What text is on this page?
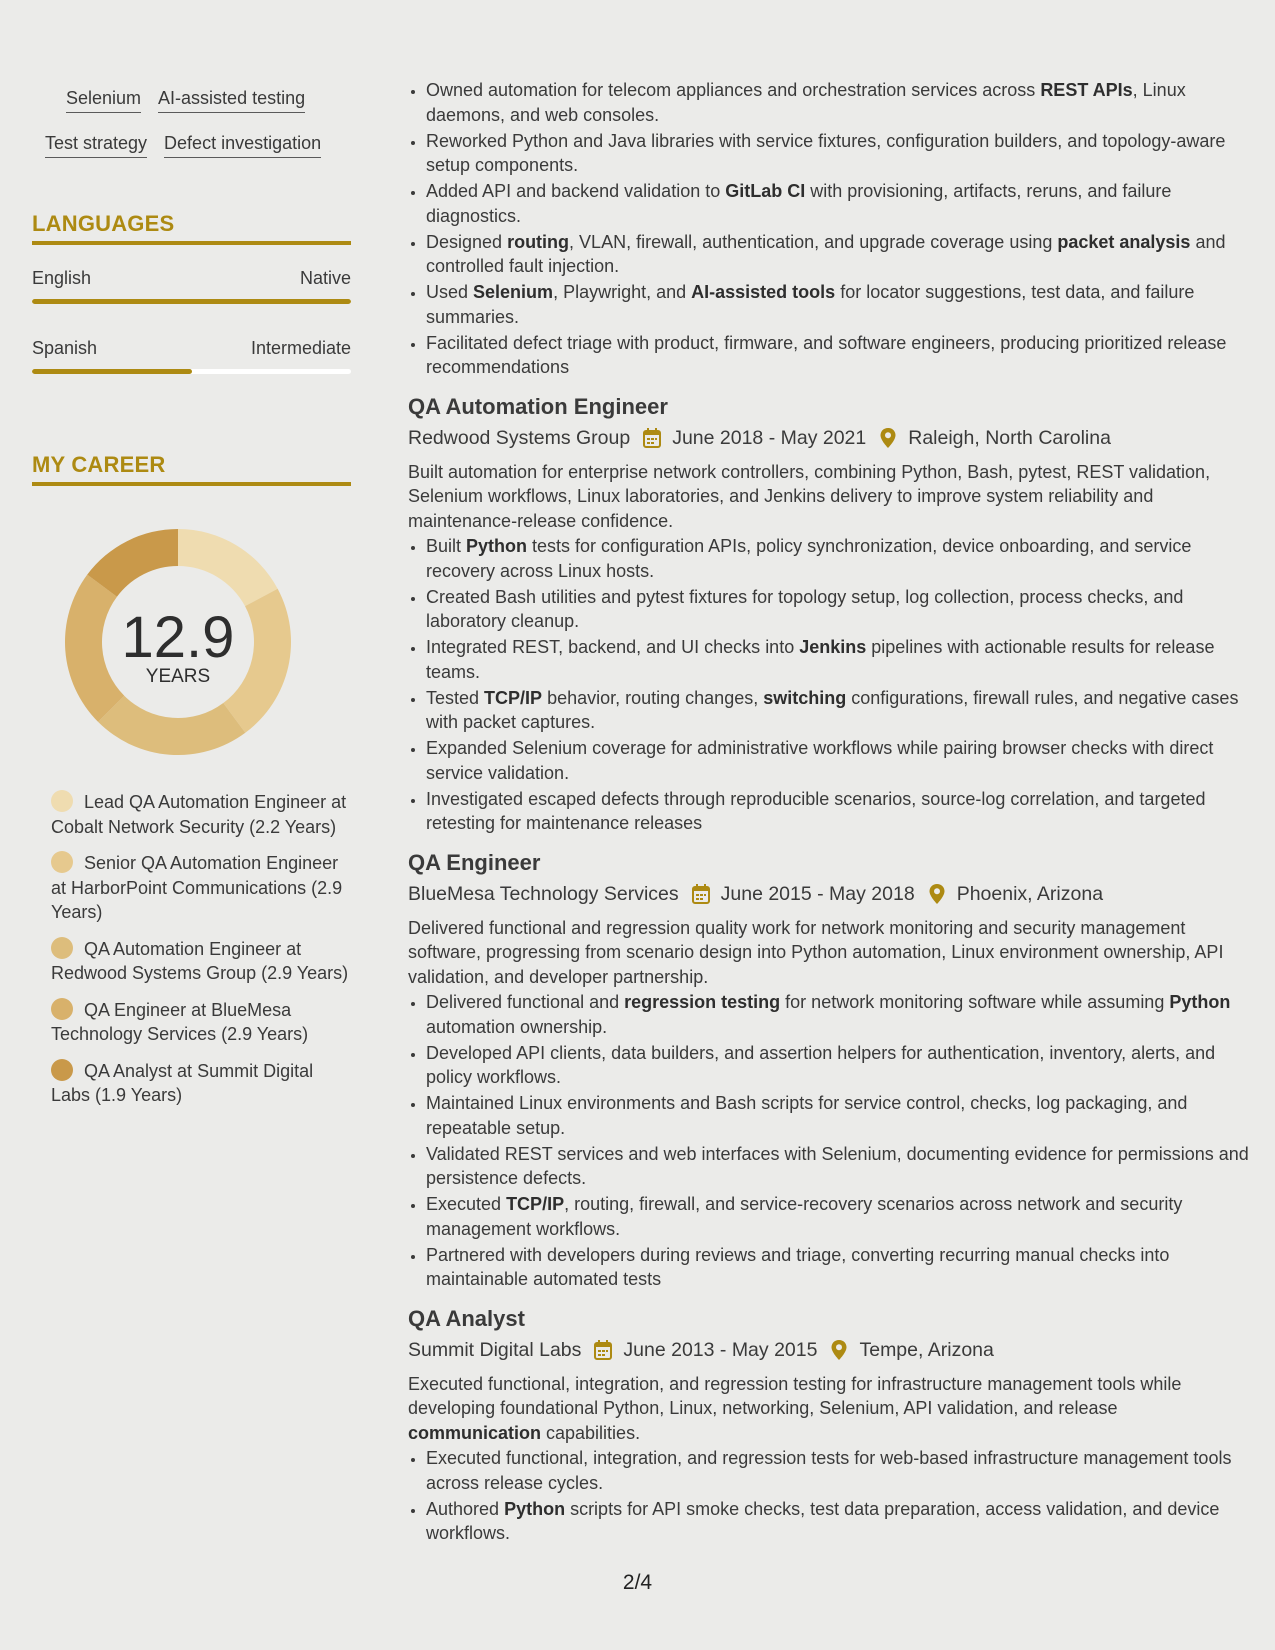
Selenium AI-assisted testing
Test strategy Defect investigation
LANGUAGES
English	Native
Spanish	Intermediate
MY CAREER
12.9
YEARS
Lead QA Automation Engineer at Cobalt Network Security (2.2 Years)
Senior QA Automation Engineer at HarborPoint Communications (2.9 Years)
QA Automation Engineer at Redwood Systems Group (2.9 Years)
QA Engineer at BlueMesa Technology Services (2.9 Years)
QA Analyst at Summit Digital Labs (1.9 Years)
• Owned automation for telecom appliances and orchestration services across REST APIs, Linux daemons, and web consoles.
• Reworked Python and Java libraries with service fixtures, configuration builders, and topology-aware setup components.
• Added API and backend validation to GitLab CI with provisioning, artifacts, reruns, and failure diagnostics.
• Designed routing, VLAN, firewall, authentication, and upgrade coverage using packet analysis and controlled fault injection.
• Used Selenium, Playwright, and AI-assisted tools for locator suggestions, test data, and failure summaries.
• Facilitated defect triage with product, firmware, and software engineers, producing prioritized release recommendations
QA Automation Engineer
Redwood Systems Group June 2018 - May 2021 Raleigh, North Carolina
Built automation for enterprise network controllers, combining Python, Bash, pytest, REST validation, Selenium workflows, Linux laboratories, and Jenkins delivery to improve system reliability and maintenance-release confidence.
• Built Python tests for configuration APIs, policy synchronization, device onboarding, and service recovery across Linux hosts.
• Created Bash utilities and pytest fixtures for topology setup, log collection, process checks, and laboratory cleanup.
• Integrated REST, backend, and UI checks into Jenkins pipelines with actionable results for release teams.
• Tested TCP/IP behavior, routing changes, switching configurations, firewall rules, and negative cases with packet captures.
• Expanded Selenium coverage for administrative workflows while pairing browser checks with direct service validation.
• Investigated escaped defects through reproducible scenarios, source-log correlation, and targeted retesting for maintenance releases
QA Engineer
BlueMesa Technology Services June 2015 - May 2018 Phoenix, Arizona
Delivered functional and regression quality work for network monitoring and security management software, progressing from scenario design into Python automation, Linux environment ownership, API validation, and developer partnership.
• Delivered functional and regression testing for network monitoring software while assuming Python automation ownership.
• Developed API clients, data builders, and assertion helpers for authentication, inventory, alerts, and policy workflows.
• Maintained Linux environments and Bash scripts for service control, checks, log packaging, and repeatable setup.
• Validated REST services and web interfaces with Selenium, documenting evidence for permissions and persistence defects.
• Executed TCP/IP, routing, firewall, and service-recovery scenarios across network and security management workflows.
• Partnered with developers during reviews and triage, converting recurring manual checks into maintainable automated tests
QA Analyst
Summit Digital Labs June 2013 - May 2015 Tempe, Arizona
Executed functional, integration, and regression testing for infrastructure management tools while developing foundational Python, Linux, networking, Selenium, API validation, and release communication capabilities.
• Executed functional, integration, and regression tests for web-based infrastructure management tools across release cycles.
• Authored Python scripts for API smoke checks, test data preparation, access validation, and device workflows.
2/4
